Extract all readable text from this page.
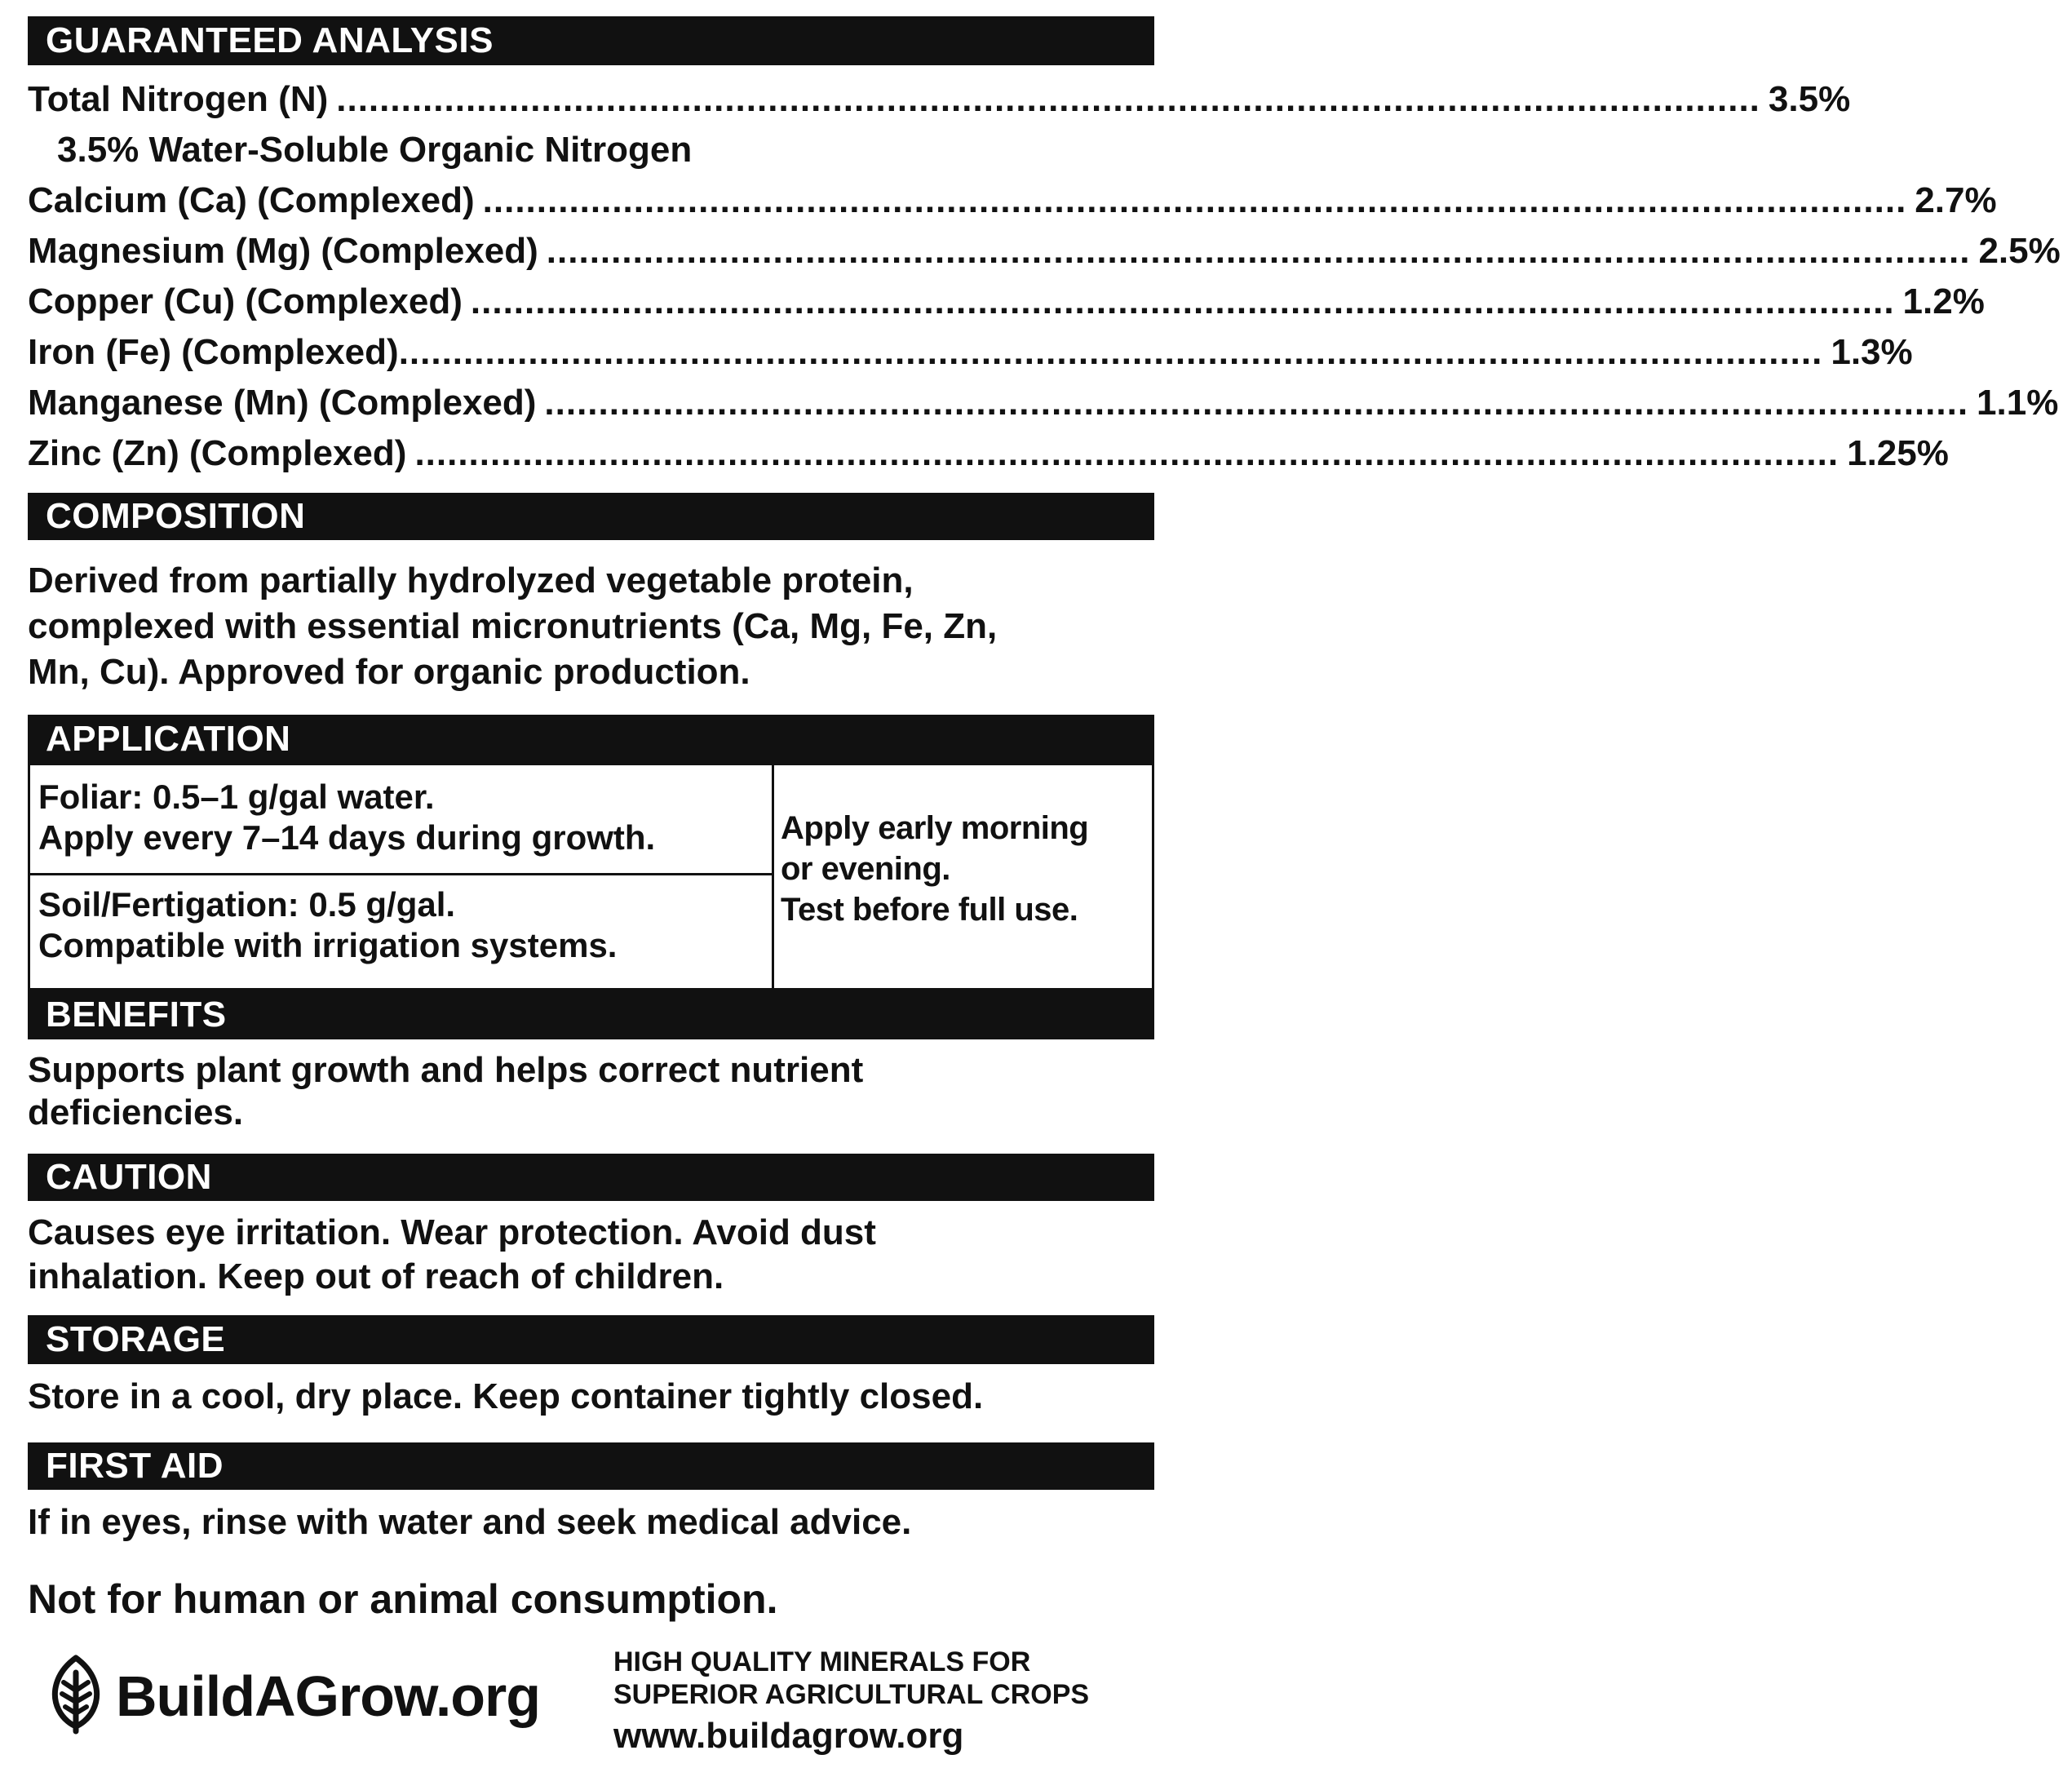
GUARANTEED ANALYSIS
Total Nitrogen (N) .................................................................................................................................... 3.5%
3.5% Water-Soluble Organic Nitrogen
Calcium (Ca) (Complexed) .................................................................................................................................... 2.7%
Magnesium (Mg) (Complexed) .................................................................................................................................... 2.5%
Copper (Cu) (Complexed) .................................................................................................................................... 1.2%
Iron (Fe) (Complexed) .................................................................................................................................... 1.3%
Manganese (Mn) (Complexed) .................................................................................................................................... 1.1%
Zinc (Zn) (Complexed) .................................................................................................................................... 1.25%
COMPOSITION
Derived from partially hydrolyzed vegetable protein,
complexed with essential micronutrients (Ca, Mg, Fe, Zn,
Mn, Cu). Approved for organic production.
APPLICATION
Foliar: 0.5–1 g/gal water.
Apply every 7–14 days during growth.
Soil/Fertigation: 0.5 g/gal.
Compatible with irrigation systems.
Apply early morning
or evening.
Test before full use.
BENEFITS
Supports plant growth and helps correct nutrient
deficiencies.
CAUTION
Causes eye irritation. Wear protection. Avoid dust
inhalation. Keep out of reach of children.
STORAGE
Store in a cool, dry place. Keep container tightly closed.
FIRST AID
If in eyes, rinse with water and seek medical advice.
Not for human or animal consumption.
BuildAGrow.org
HIGH QUALITY MINERALS FOR
SUPERIOR AGRICULTURAL CROPS
www.buildagrow.org
